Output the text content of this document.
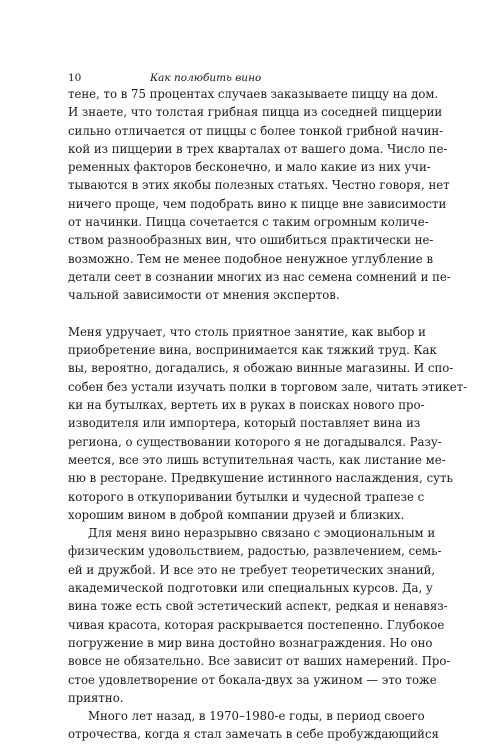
10	Как полюбить вино
тене, то в 75 процентах случаев заказываете пиццу на дом.
И знаете, что толстая грибная пицца из соседней пиццерии
сильно отличается от пиццы с более тонкой грибной начин-
кой из пиццерии в трех кварталах от вашего дома. Число пе-
ременных факторов бесконечно, и мало какие из них учи-
тываются в этих якобы полезных статьях. Честно говоря, нет
ничего проще, чем подобрать вино к пицце вне зависимости
от начинки. Пицца сочетается с таким огромным количе-
ством разнообразных вин, что ошибиться практически не-
возможно. Тем не менее подобное ненужное углубление в
детали сеет в сознании многих из нас семена сомнений и пе-
чальной зависимости от мнения экспертов.
Меня удручает, что столь приятное занятие, как выбор и
приобретение вина, воспринимается как тяжкий труд. Как
вы, вероятно, догадались, я обожаю винные магазины. И спо-
собен без устали изучать полки в торговом зале, читать этикет-
ки на бутылках, вертеть их в руках в поисках нового про-
изводителя или импортера, который поставляет вина из
региона, о существовании которого я не догадывался. Разу-
меется, все это лишь вступительная часть, как листание ме-
ню в ресторане. Предвкушение истинного наслаждения, суть
которого в откупоривании бутылки и чудесной трапезе с
хорошим вином в доброй компании друзей и близких.
Для меня вино неразрывно связано с эмоциональным и
физическим удовольствием, радостью, развлечением, семь-
ей и дружбой. И все это не требует теоретических знаний,
академической подготовки или специальных курсов. Да, у
вина тоже есть свой эстетический аспект, редкая и ненавяз-
чивая красота, которая раскрывается постепенно. Глубокое
погружение в мир вина достойно вознаграждения. Но оно
вовсе не обязательно. Все зависит от ваших намерений. Про-
стое удовлетворение от бокала-двух за ужином — это тоже
приятно.
Много лет назад, в 1970–1980-е годы, в период своего
отрочества, когда я стал замечать в себе пробуждающийся
